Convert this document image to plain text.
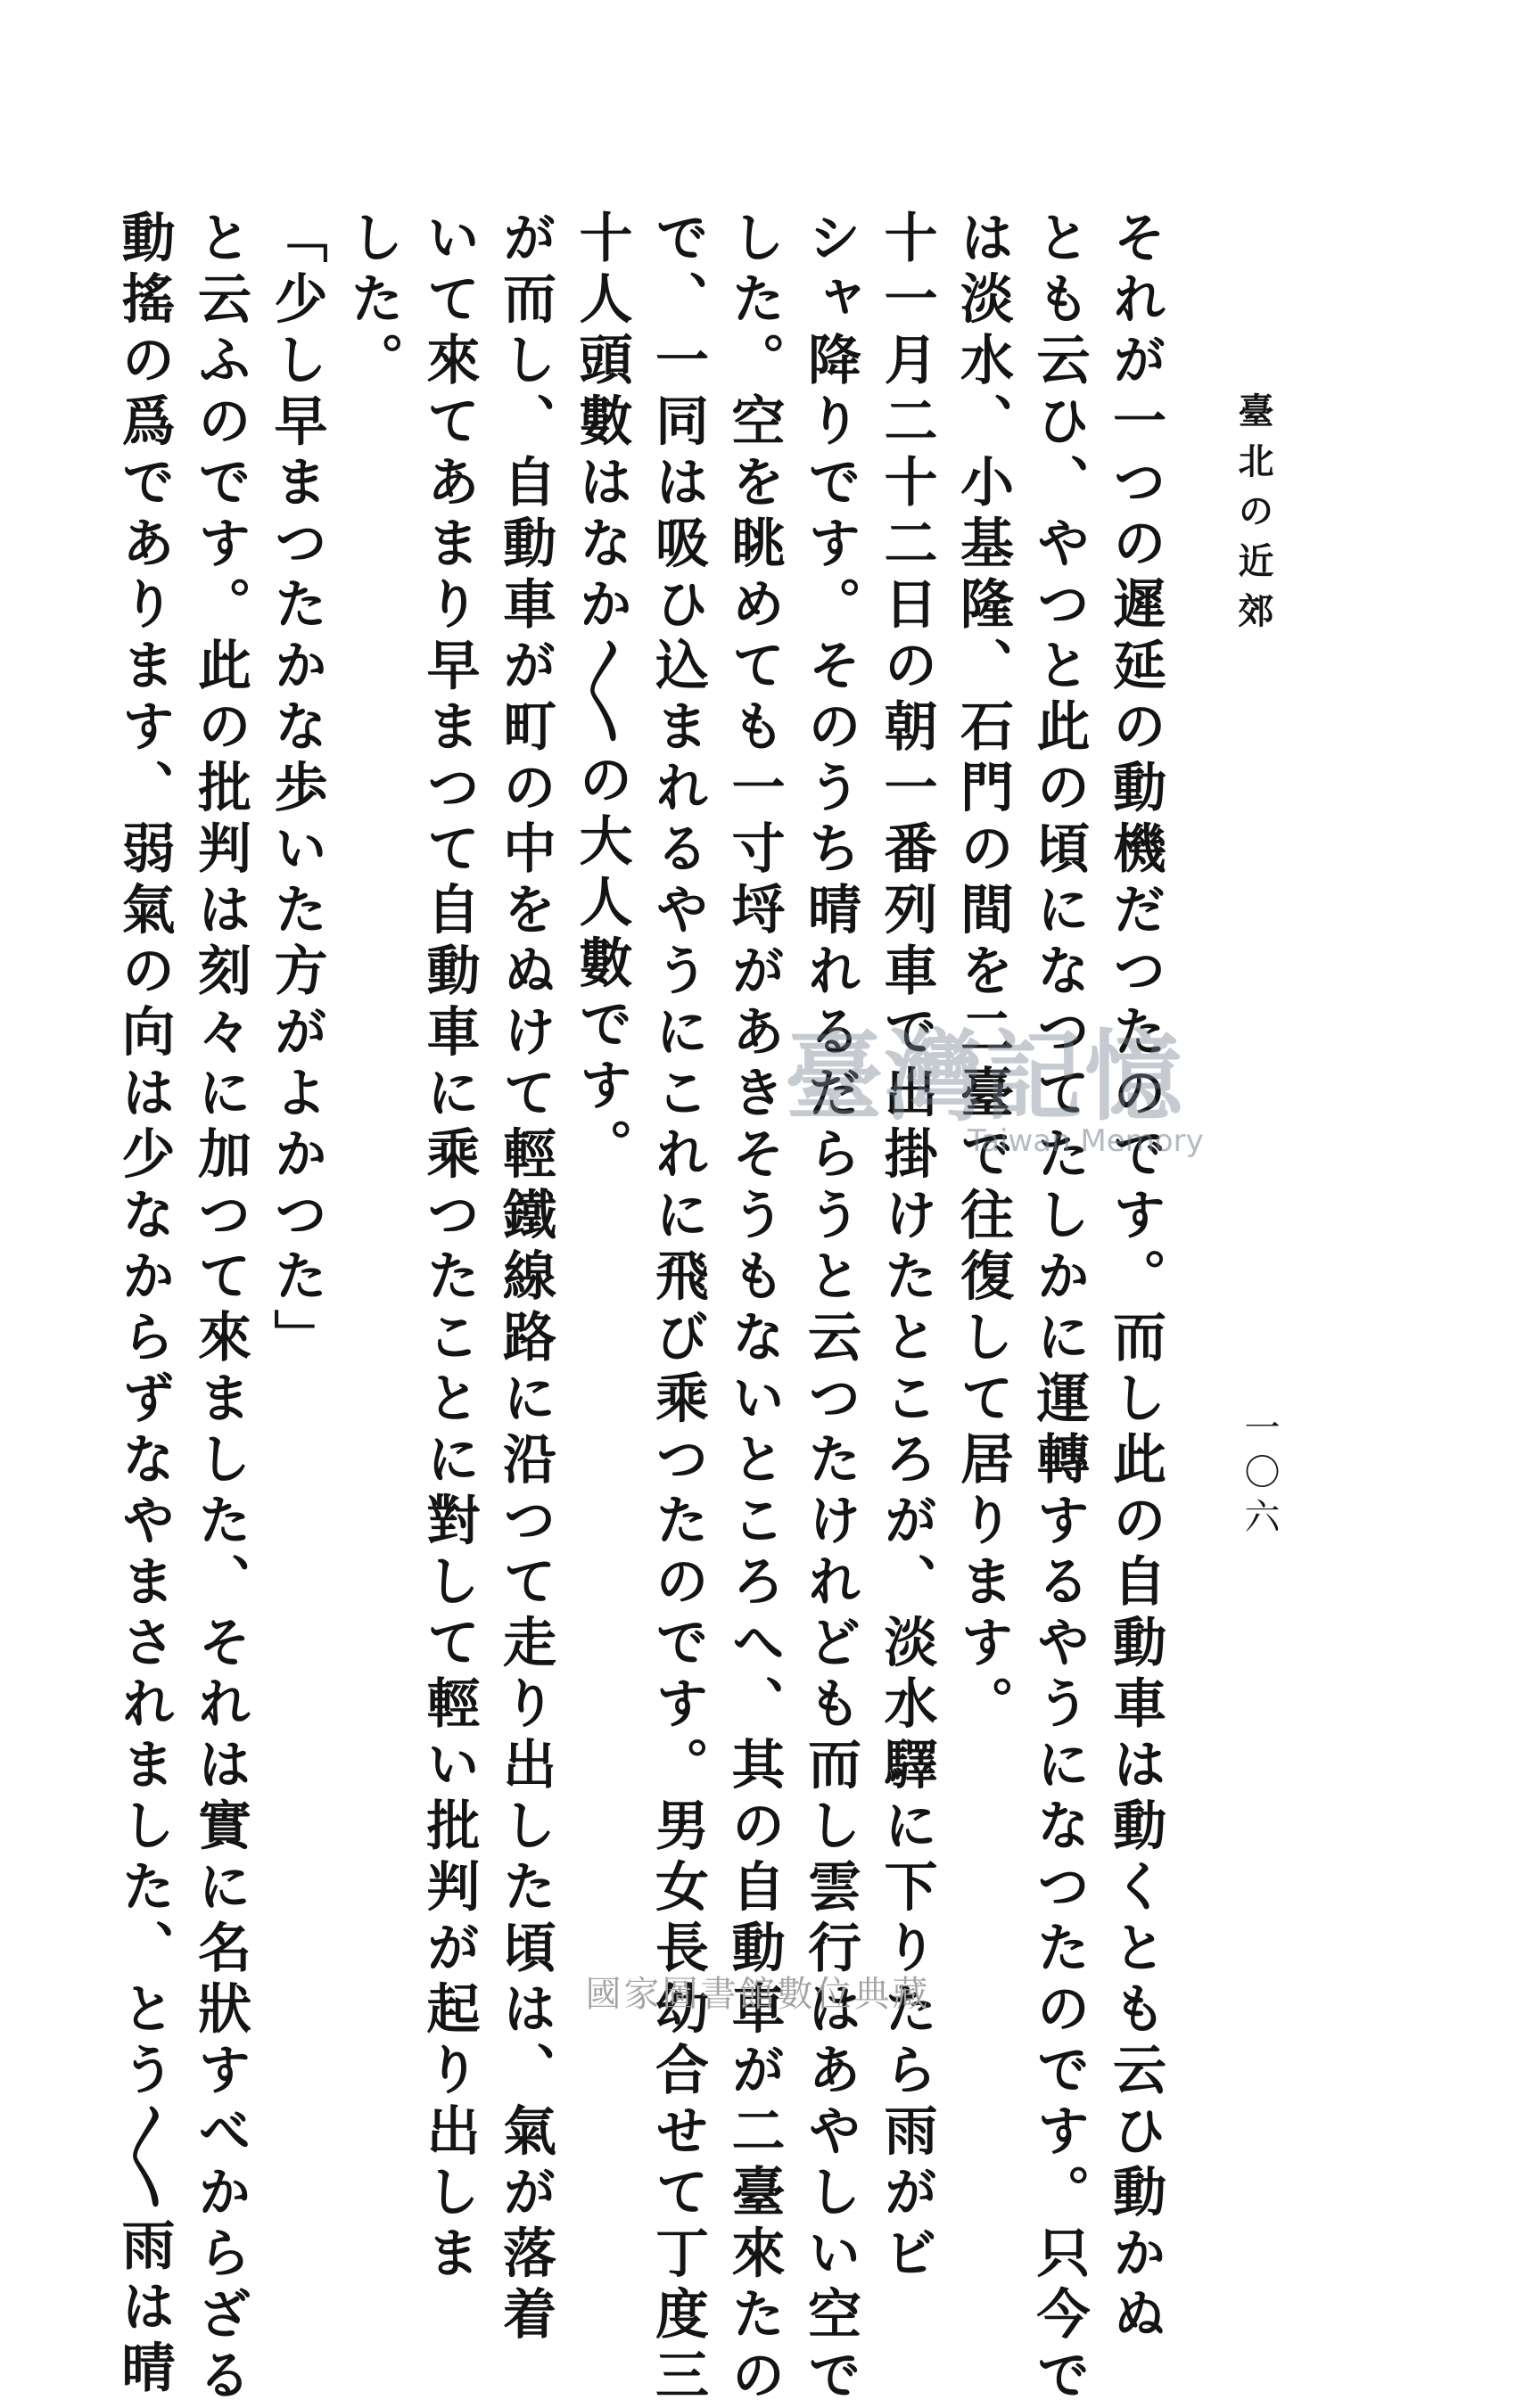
臺北の近郊
一〇六

それが一つの遲延の動機だつたのです。而し此の自動車は動くとも云ひ動かぬ

とも云ひ、やつと此の頃になつてたしかに運轉するやうになつたのです。只今で

は淡水、小基隆、石門の間を二臺で往復して居ります。

十一月二十二日の朝一番列車で出掛けたところが、淡水驛に下りたら雨がビ

シャ降りです。そのうち晴れるだらうと云つたけれども而し雲行はあやしい空で

した。空を眺めても一寸埒があきそうもないところへ、其の自動車が二臺來たの

で、一同は吸ひ込まれるやうにこれに飛び乘つたのです。男女長幼合せて丁度三

十人頭數はなか〳〵の大人數です。

が而し、自動車が町の中をぬけて輕鐵線路に沿つて走り出した頃は、氣が落着

いて來てあまり早まつて自動車に乘つたことに對して輕い批判が起り出しま

した。

「少し早まつたかな歩いた方がよかつた」

と云ふのです。此の批判は刻々に加つて來ました、それは實に名狀すべからざる

動搖の爲であります、弱氣の向は少なからずなやまされました、とう〳〵雨は晴	臺灣記憶
Taiwan Memory
國家圖書館數位典藏
